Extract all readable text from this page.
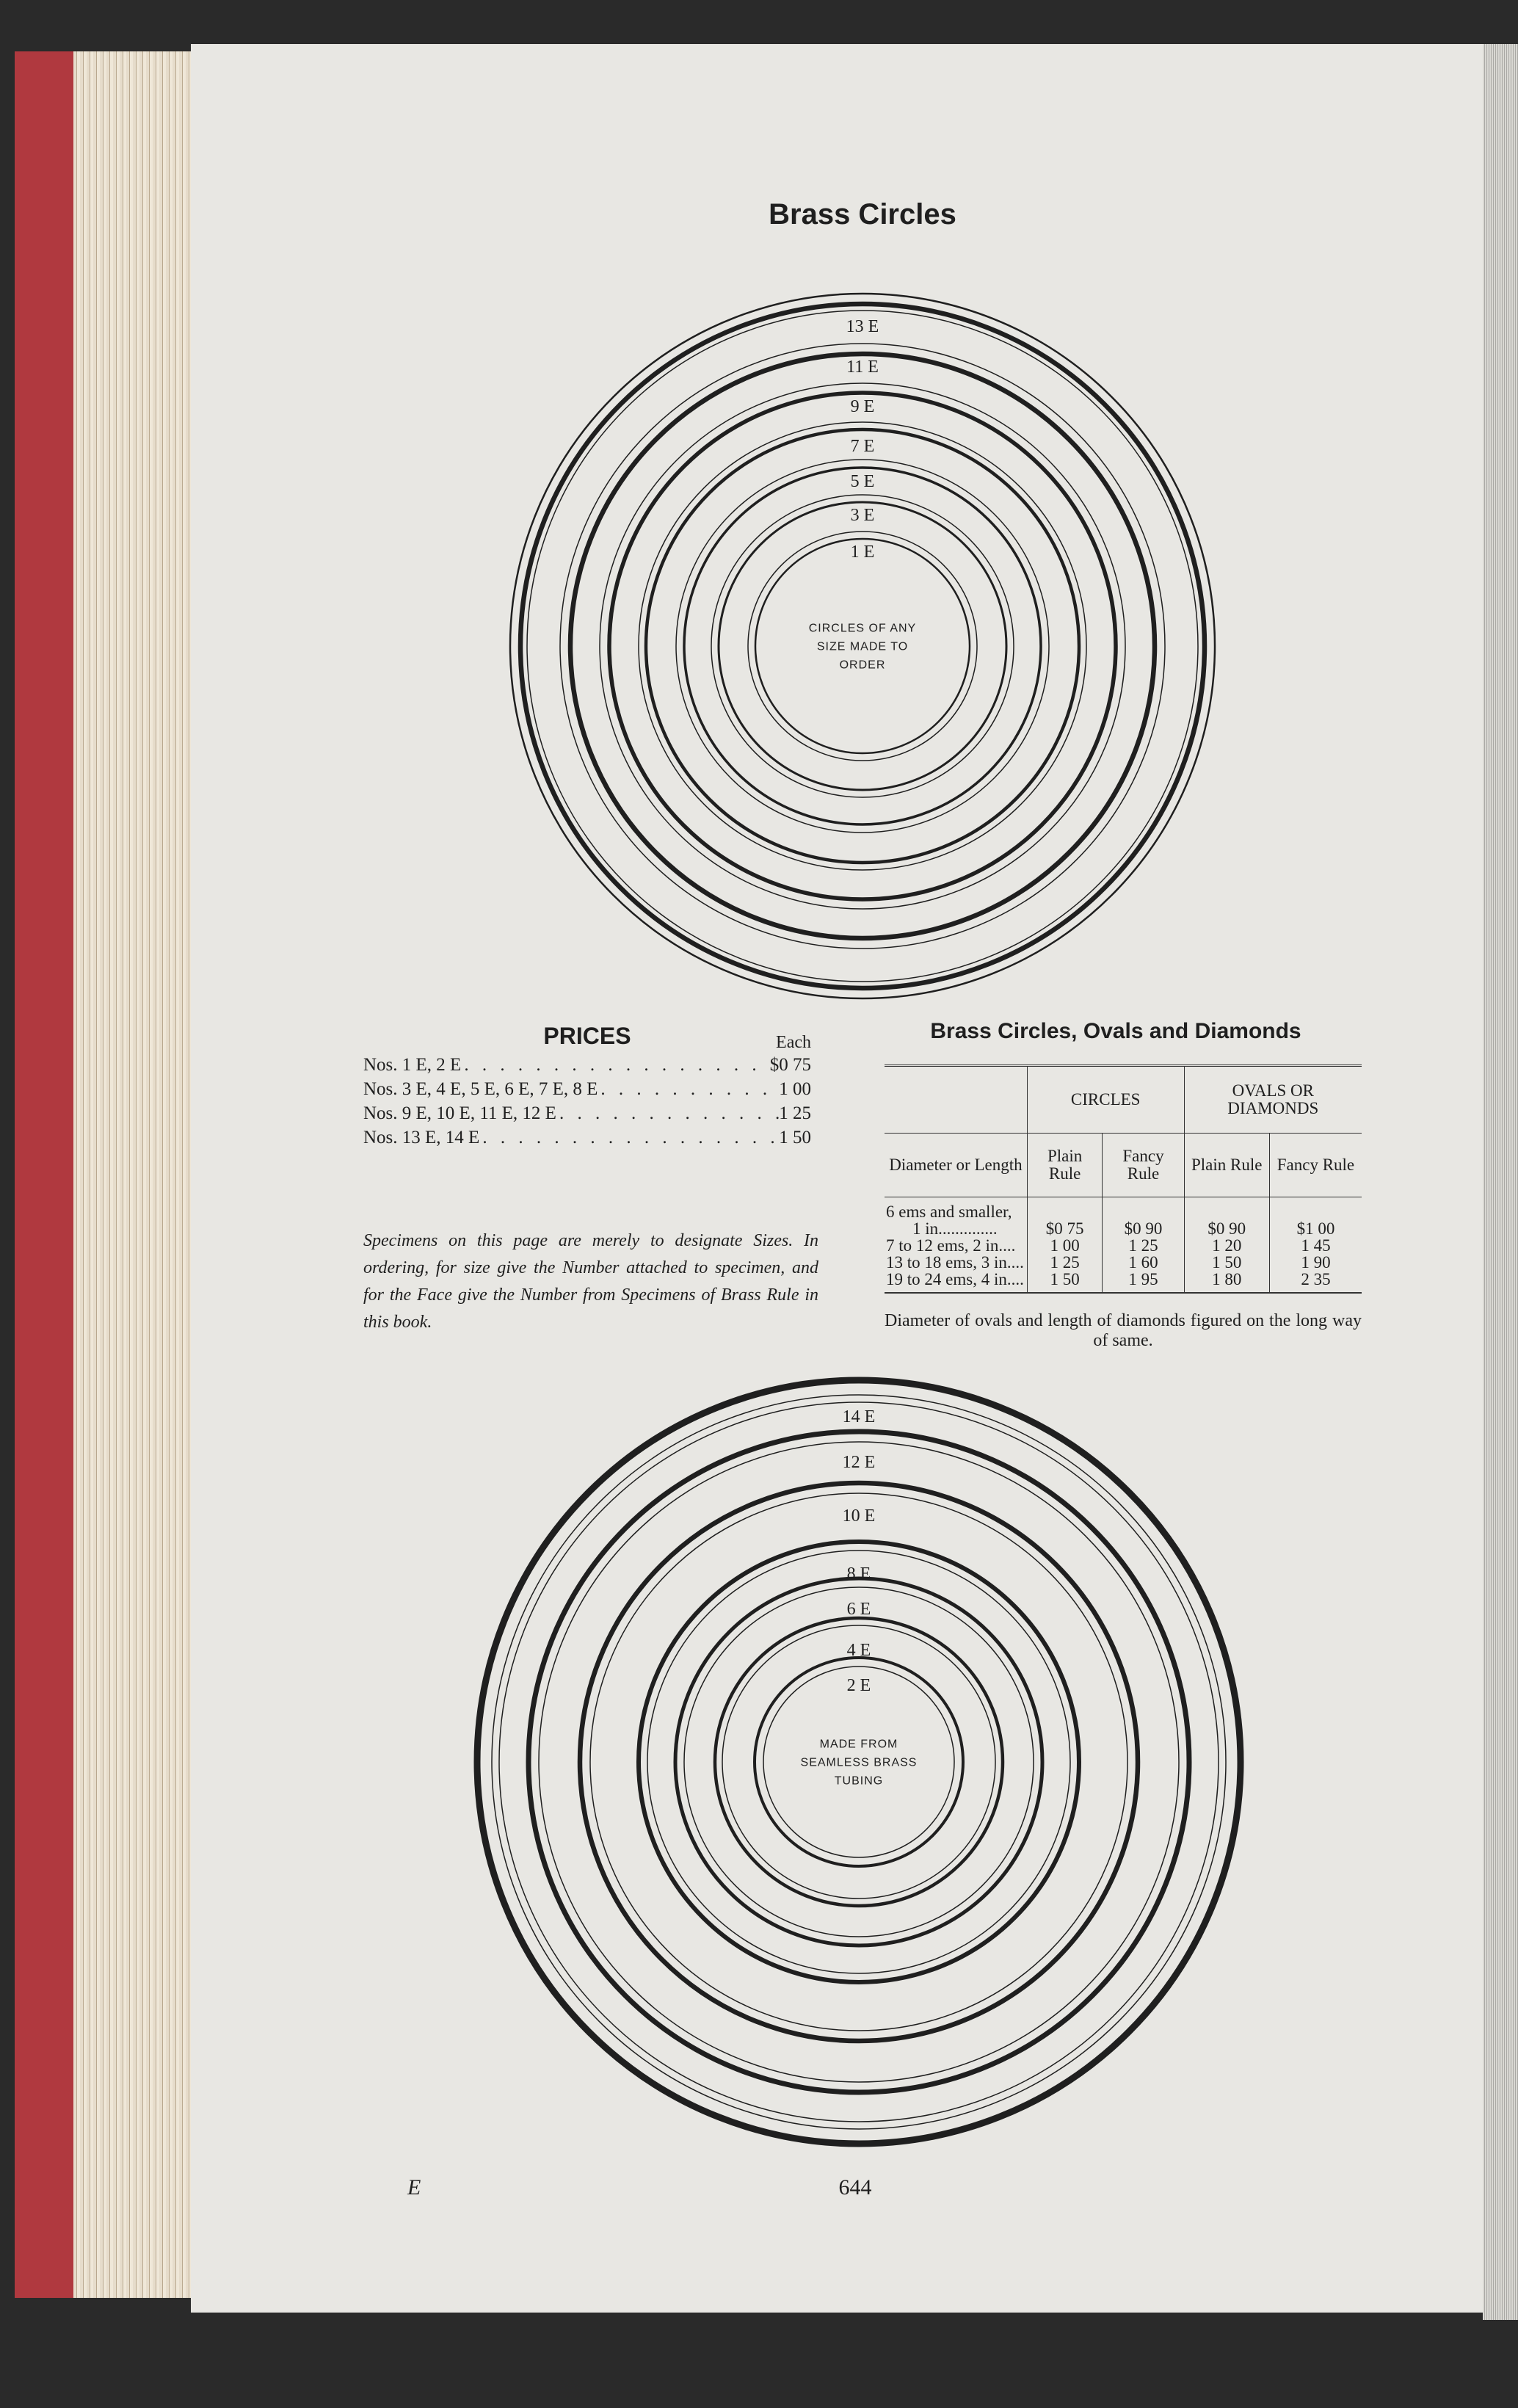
Brass Circles
13 E
11 E
9 E
7 E
5 E
3 E
1 E
CIRCLES OF ANY
SIZE MADE TO
ORDER
14 E
12 E
10 E
8 E
6 E
4 E
2 E
MADE FROM
SEAMLESS BRASS
TUBING
PRICES	Each
Nos. 1 E, 2 E . . .	$0 75
Nos. 3 E, 4 E, 5 E, 6 E, 7 E, 8 E . . .	1 00
Nos. 9 E, 10 E, 11 E, 12 E . . .	1 25
Nos. 13 E, 14 E . . .	1 50
Specimens on this page are merely to designate Sizes. In ordering, for size give the Number attached to specimen, and for the Face give the Number from Specimens of Brass Rule in this book.
Brass Circles, Ovals and Diamonds
	CIRCLES		OVALS OR DIAMONDS	
Diameter or Length	Plain Rule	Fancy Rule	Plain Rule	Fancy Rule
6 ems and smaller,				
1 in..............	$0 75	$0 90	$0 90	$1 00
7 to 12 ems, 2 in....	1 00	1 25	1 20	1 45
13 to 18 ems, 3 in....	1 25	1 60	1 50	1 90
19 to 24 ems, 4 in....	1 50	1 95	1 80	2 35
Diameter of ovals and length of diamonds figured on the long way of same.
E	644
